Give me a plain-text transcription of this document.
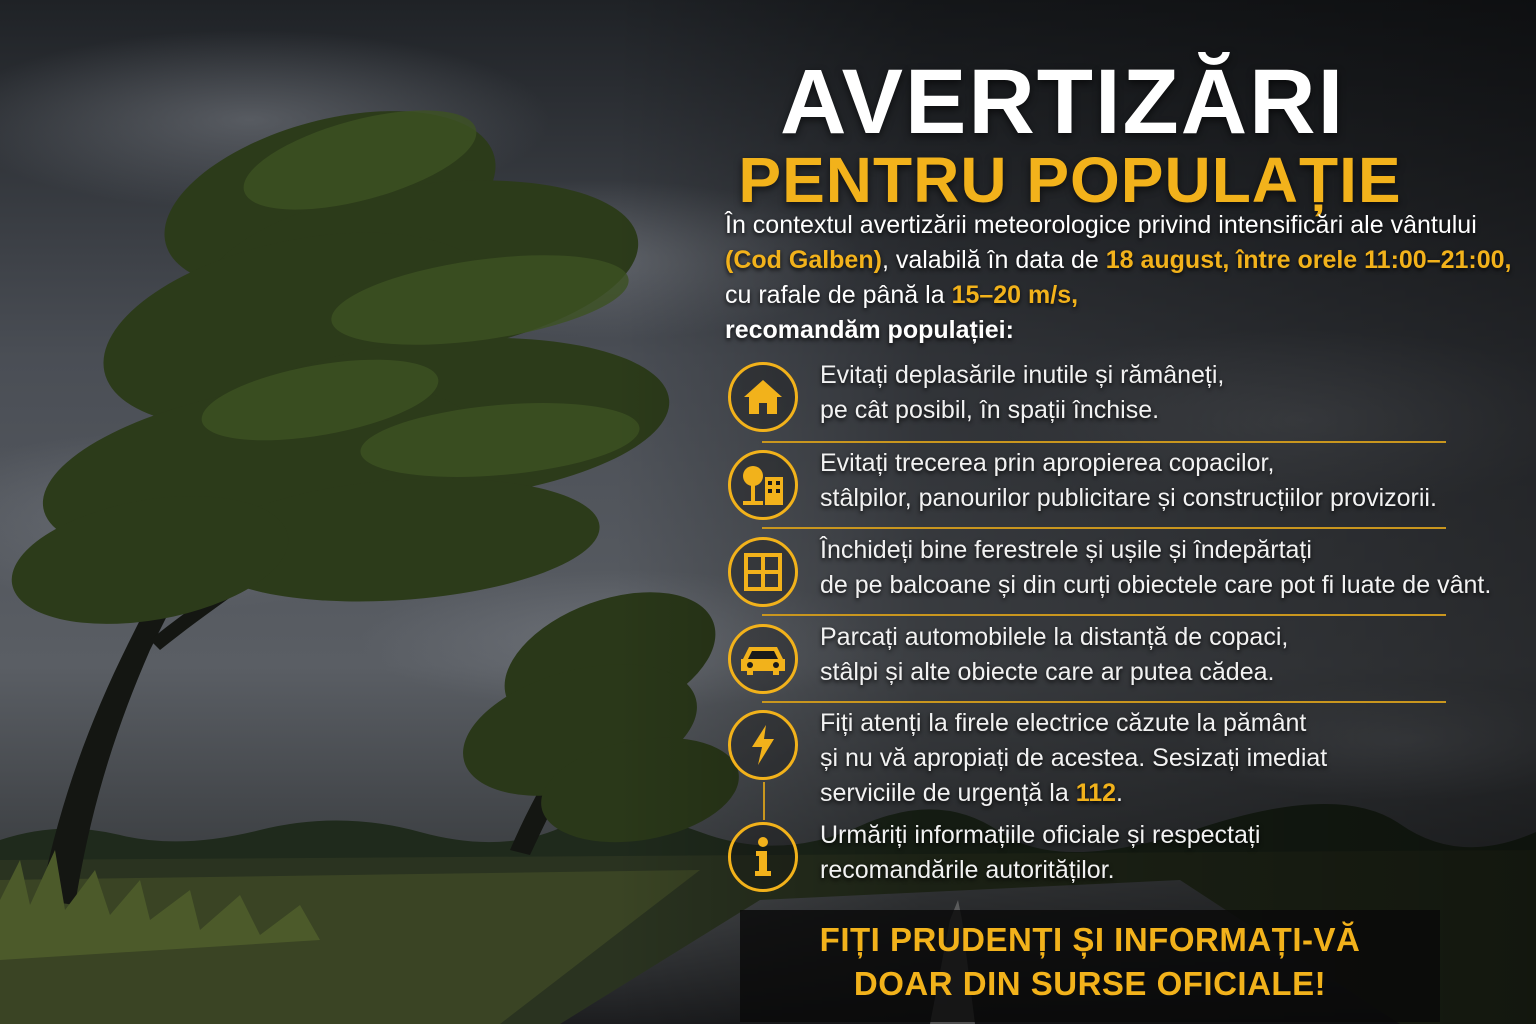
AVERTIZĂRI
PENTRU POPULAȚIE
În contextul avertizării meteorologice privind intensificări ale vântului (Cod Galben), valabilă în data de 18 august, între orele 11:00–21:00, cu rafale de până la 15–20 m/s,
recomandăm populației:
Evitați deplasările inutile și rămâneți,
pe cât posibil, în spații închise.
Evitați trecerea prin apropierea copacilor,
stâlpilor, panourilor publicitare și construcțiilor provizorii.
Închideți bine ferestrele și ușile și îndepărtați
de pe balcoane și din curți obiectele care pot fi luate de vânt.
Parcați automobilele la distanță de copaci,
stâlpi și alte obiecte care ar putea cădea.
Fiți atenți la firele electrice căzute la pământ
și nu vă apropiați de acestea. Sesizați imediat
serviciile de urgență la 112.
Urmăriți informațiile oficiale și respectați
recomandările autorităților.
FIȚI PRUDENȚI ȘI INFORMAȚI-VĂ
DOAR DIN SURSE OFICIALE!
